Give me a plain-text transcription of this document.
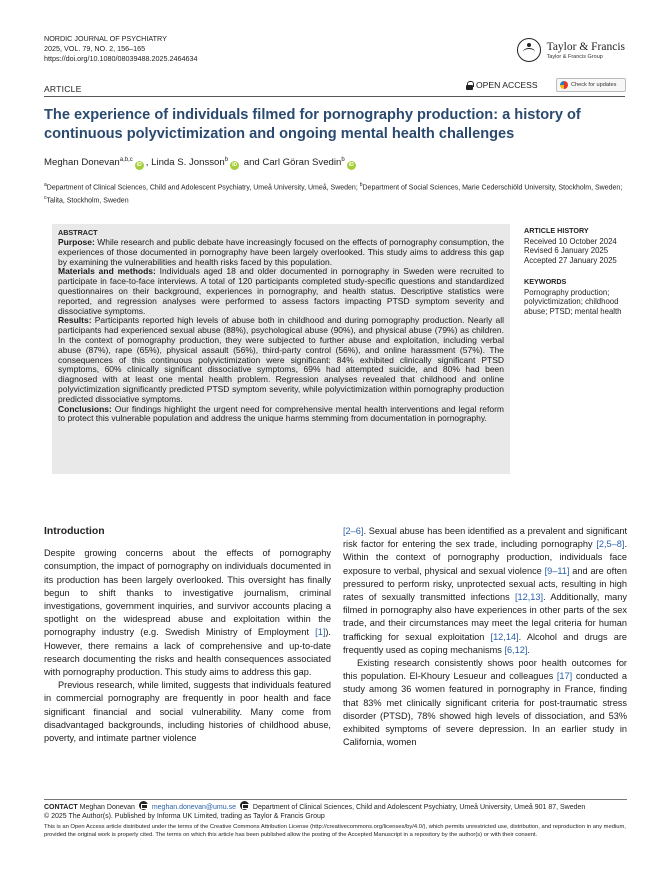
NORDIC JOURNAL OF PSYCHIATRY
2025, VOL. 79, NO. 2, 156–165
https://doi.org/10.1080/08039488.2025.2464634
Taylor & Francis
Taylor & Francis Group
ARTICLE	OPEN ACCESS	Check for updates
The experience of individuals filmed for pornography production: a history of continuous polyvictimization and ongoing mental health challenges
Meghan Donevan$^{a,b,c}$iD , Linda S. Jonsson$^b$iD and Carl Göran Svedin$^b$iD
$^a$Department of Clinical Sciences, Child and Adolescent Psychiatry, Umeå University, Umeå, Sweden; $^b$Department of Social Sciences, Marie Cederschiöld University, Stockholm, Sweden; $^c$Talita, Stockholm, Sweden
ABSTRACT

Purpose: While research and public debate have increasingly focused on the effects of pornography consumption, the experiences of those documented in pornography have been largely overlooked. This study aims to address this gap by examining the vulnerabilities and health risks faced by this population.

Materials and methods: Individuals aged 18 and older documented in pornography in Sweden were recruited to participate in face-to-face interviews. A total of 120 participants completed study-specific questions and standardized questionnaires on their background, experiences in pornography, and health status. Descriptive statistics were reported, and regression analyses were performed to assess factors impacting PTSD symptom severity and dissociative symptoms.

Results: Participants reported high levels of abuse both in childhood and during pornography production. Nearly all participants had experienced sexual abuse (88%), psychological abuse (90%), and physical abuse (79%) as children. In the context of pornography production, they were subjected to further abuse and exploitation, including verbal abuse (87%), rape (65%), physical assault (56%), third-party control (56%), and online harassment (57%). The consequences of this continuous polyvictimization were significant: 84% exhibited clinically significant PTSD symptoms, 60% clinically significant dissociative symptoms, 69% had attempted suicide, and 80% had been diagnosed with at least one mental health problem. Regression analyses revealed that childhood and online polyvictimization significantly predicted PTSD symptom severity, while polyvictimization within pornography production predicted dissociative symptoms.

Conclusions: Our findings highlight the urgent need for comprehensive mental health interventions and legal reform to protect this vulnerable population and address the unique harms stemming from documentation in pornography.

ARTICLE HISTORY
Received 10 October 2024
Revised 6 January 2025
Accepted 27 January 2025
KEYWORDS
Pornography production; polyvictimization; childhood abuse; PTSD; mental health
Introduction

Despite growing concerns about the effects of pornography consumption, the impact of pornography on individuals documented in its production has been largely overlooked. This oversight has finally begun to shift thanks to investigative journalism, criminal investigations, government inquiries, and survivor accounts placing a spotlight on the widespread abuse and exploitation within the pornography industry (e.g. Swedish Ministry of Employment [1]). However, there remains a lack of comprehensive and up-to-date research documenting the risks and health consequences associated with pornography production. This study aims to address this gap.

Previous research, while limited, suggests that individuals featured in commercial pornography are frequently in poor health and face significant financial and social vulnerability. Many come from disadvantaged backgrounds, including histories of childhood abuse, poverty, and intimate partner violence

[2–6]. Sexual abuse has been identified as a prevalent and significant risk factor for entering the sex trade, including pornography [2,5–8]. Within the context of pornography production, individuals face exposure to verbal, physical and sexual violence [9–11] and are often pressured to perform risky, unprotected sexual acts, resulting in high rates of sexually transmitted infections [12,13]. Additionally, many filmed in pornography also have experiences in other parts of the sex trade, and their circumstances may meet the legal criteria for human trafficking for sexual exploitation [12,14]. Alcohol and drugs are frequently used as coping mechanisms [6,12].

Existing research consistently shows poor health outcomes for this population. El-Khoury Lesueur and colleagues [17] conducted a study among 36 women featured in pornography in France, finding that 83% met clinically significant criteria for post-traumatic stress disorder (PTSD), 78% showed high levels of dissociation, and 53% exhibited symptoms of severe depression. In an earlier study in California, women

CONTACT Meghan Donevan meghan.donevan@umu.se Department of Clinical Sciences, Child and Adolescent Psychiatry, Umeå University, Umeå 901 87, Sweden
© 2025 The Author(s). Published by Informa UK Limited, trading as Taylor & Francis Group
This is an Open Access article distributed under the terms of the Creative Commons Attribution License (http://creativecommons.org/licenses/by/4.0/), which permits unrestricted use, distribution, and reproduction in any medium, provided the original work is properly cited. The terms on which this article has been published allow the posting of the Accepted Manuscript in a repository by the author(s) or with their consent.
